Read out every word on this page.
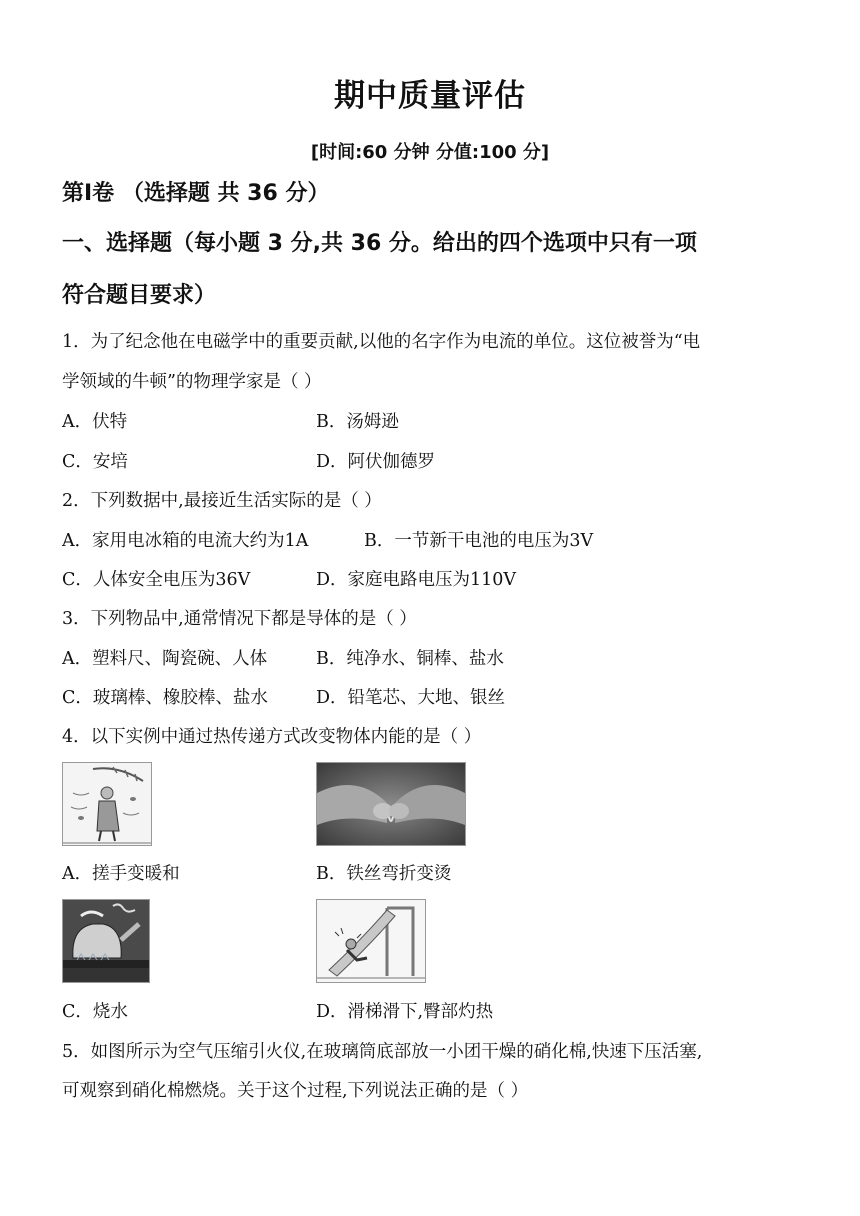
期中质量评估
[时间:60 分钟 分值:100 分]
第Ⅰ卷 （选择题 共 36 分）
一、选择题（每小题 3 分,共 36 分。给出的四个选项中只有一项
符合题目要求）
1．为了纪念他在电磁学中的重要贡献,以他的名字作为电流的单位。这位被誉为“电
学领域的牛顿”的物理学家是（ ）
A．伏特	B．汤姆逊
C．安培	D．阿伏伽德罗
2．下列数据中,最接近生活实际的是（ ）
A．家用电冰箱的电流大约为1A	B．一节新干电池的电压为3V
C．人体安全电压为36V	D．家庭电路电压为110V
3．下列物品中,通常情况下都是导体的是（ ）
A．塑料尺、陶瓷碗、人体	B．纯净水、铜棒、盐水
C．玻璃棒、橡胶棒、盐水	D．铅笔芯、大地、银丝
4．以下实例中通过热传递方式改变物体内能的是（ ）
A．搓手变暖和	B．铁丝弯折变烫
C．烧水	D．滑梯滑下,臀部灼热
5．如图所示为空气压缩引火仪,在玻璃筒底部放一小团干燥的硝化棉,快速下压活塞,
可观察到硝化棉燃烧。关于这个过程,下列说法正确的是（ ）
